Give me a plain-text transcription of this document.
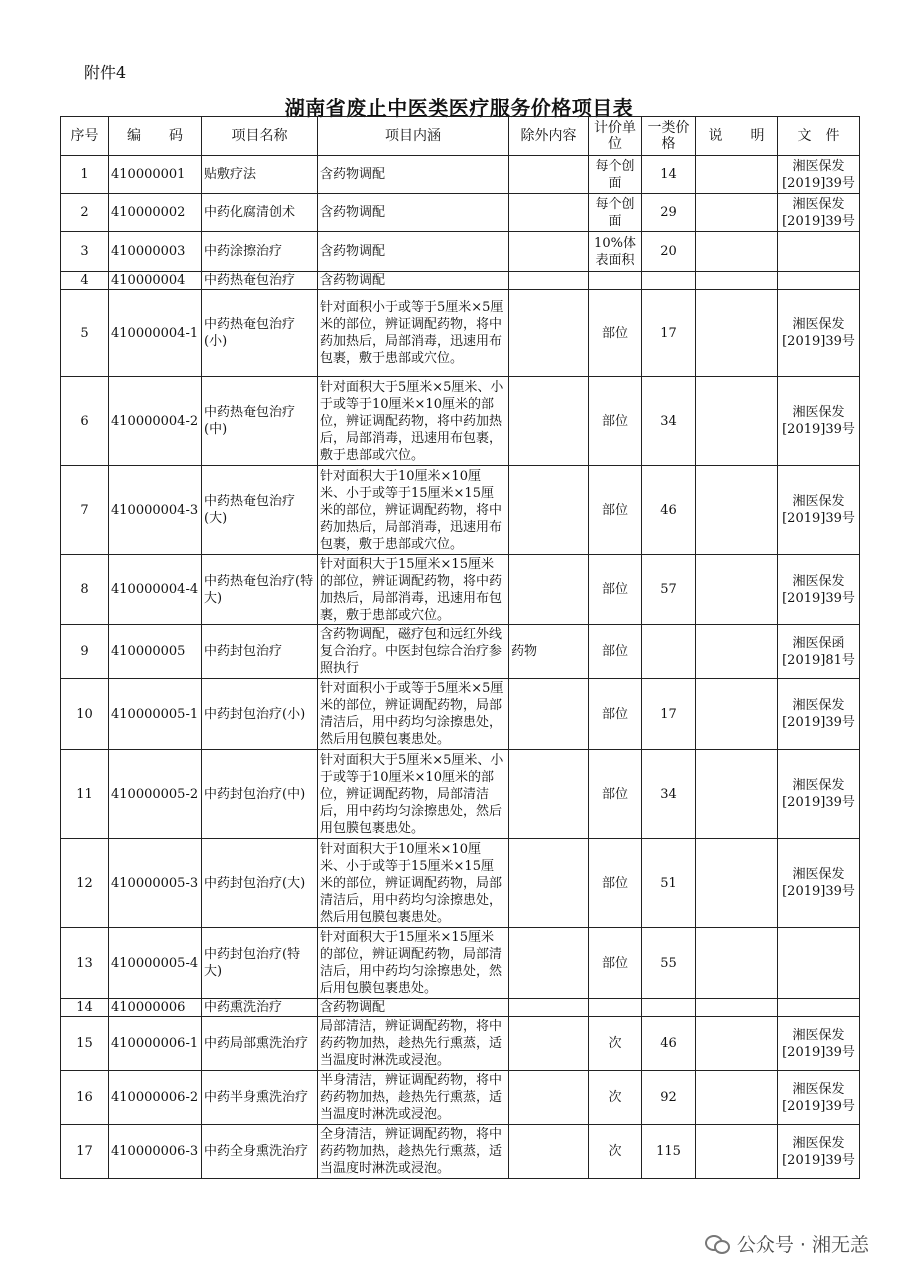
附件4
湖南省废止中医类医疗服务价格项目表
序号	编　　码	项目名称	项目内涵	除外内容	计价单位	一类价格	说　　明	文　件
1	410000001	贴敷疗法	含药物调配		每个创面	14		湘医保发[2019]39号
2	410000002	中药化腐清创术	含药物调配		每个创面	29		湘医保发[2019]39号
3	410000003	中药涂擦治疗	含药物调配		10%体表面积	20		
4	410000004	中药热奄包治疗	含药物调配					
5	410000004-1	中药热奄包治疗(小)	针对面积小于或等于5厘米×5厘米的部位，辨证调配药物，将中药加热后，局部消毒，迅速用布包裹，敷于患部或穴位。		部位	17		湘医保发[2019]39号
6	410000004-2	中药热奄包治疗(中)	针对面积大于5厘米×5厘米、小于或等于10厘米×10厘米的部位，辨证调配药物，将中药加热后，局部消毒，迅速用布包裹，敷于患部或穴位。		部位	34		湘医保发[2019]39号
7	410000004-3	中药热奄包治疗(大)	针对面积大于10厘米×10厘米、小于或等于15厘米×15厘米的部位，辨证调配药物，将中药加热后，局部消毒，迅速用布包裹，敷于患部或穴位。		部位	46		湘医保发[2019]39号
8	410000004-4	中药热奄包治疗(特大)	针对面积大于15厘米×15厘米的部位，辨证调配药物，将中药加热后，局部消毒，迅速用布包裹，敷于患部或穴位。		部位	57		湘医保发[2019]39号
9	410000005	中药封包治疗	含药物调配，磁疗包和远红外线复合治疗。中医封包综合治疗参照执行	药物	部位			湘医保函[2019]81号
10	410000005-1	中药封包治疗(小)	针对面积小于或等于5厘米×5厘米的部位，辨证调配药物，局部清洁后，用中药均匀涂擦患处，然后用包膜包裹患处。		部位	17		湘医保发[2019]39号
11	410000005-2	中药封包治疗(中)	针对面积大于5厘米×5厘米、小于或等于10厘米×10厘米的部位，辨证调配药物，局部清洁后，用中药均匀涂擦患处，然后用包膜包裹患处。		部位	34		湘医保发[2019]39号
12	410000005-3	中药封包治疗(大)	针对面积大于10厘米×10厘米、小于或等于15厘米×15厘米的部位，辨证调配药物，局部清洁后，用中药均匀涂擦患处，然后用包膜包裹患处。		部位	51		湘医保发[2019]39号
13	410000005-4	中药封包治疗(特大)	针对面积大于15厘米×15厘米的部位，辨证调配药物，局部清洁后，用中药均匀涂擦患处，然后用包膜包裹患处。		部位	55		
14	410000006	中药熏洗治疗	含药物调配					
15	410000006-1	中药局部熏洗治疗	局部清洁，辨证调配药物，将中药药物加热，趁热先行熏蒸，适当温度时淋洗或浸泡。		次	46		湘医保发[2019]39号
16	410000006-2	中药半身熏洗治疗	半身清洁，辨证调配药物，将中药药物加热，趁热先行熏蒸，适当温度时淋洗或浸泡。		次	92		湘医保发[2019]39号
17	410000006-3	中药全身熏洗治疗	全身清洁，辨证调配药物，将中药药物加热，趁热先行熏蒸，适当温度时淋洗或浸泡。		次	115		湘医保发[2019]39号
公众号 · 湘无恙
